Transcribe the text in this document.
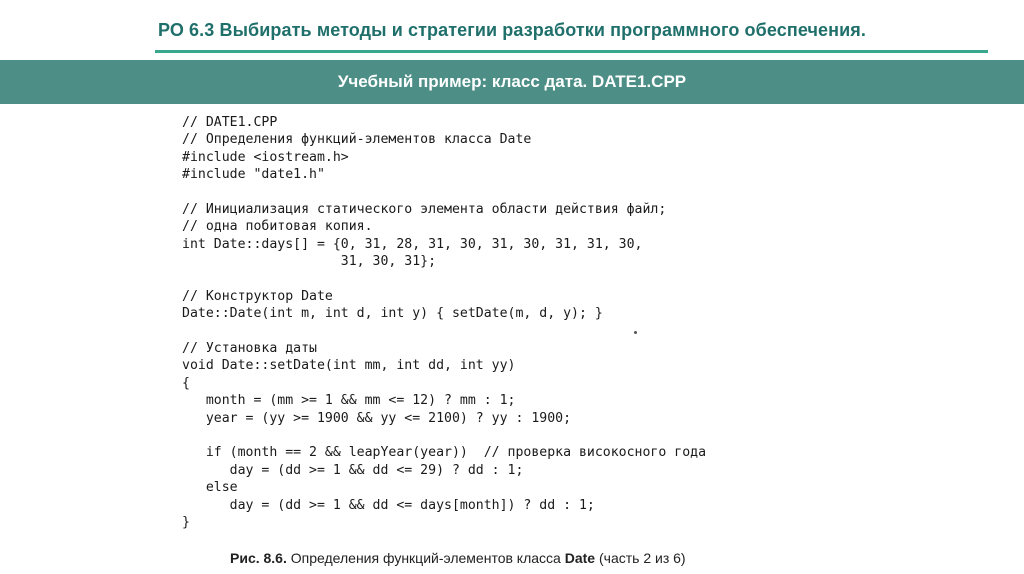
РО 6.3 Выбирать методы и стратегии разработки программного обеспечения.
Учебный пример: класс дата. DATE1.CPP
// DATE1.CPP
// Определения функций-элементов класса Date
#include <iostream.h>
#include "date1.h"
// Инициализация статического элемента области действия файл;
// одна побитовая копия.
int Date::days[] = {0, 31, 28, 31, 30, 31, 30, 31, 31, 30,
31, 30, 31};
// Конструктор Date
Date::Date(int m, int d, int y) { setDate(m, d, y); }
// Установка даты
void Date::setDate(int mm, int dd, int yy)
{
month = (mm >= 1 && mm <= 12) ? mm : 1;
year = (yy >= 1900 && yy <= 2100) ? yy : 1900;
if (month == 2 && leapYear(year))  // проверка високосного года
day = (dd >= 1 && dd <= 29) ? dd : 1;
else
day = (dd >= 1 && dd <= days[month]) ? dd : 1;
}
Рис. 8.6. Определения функций-элементов класса Date (часть 2 из 6)
